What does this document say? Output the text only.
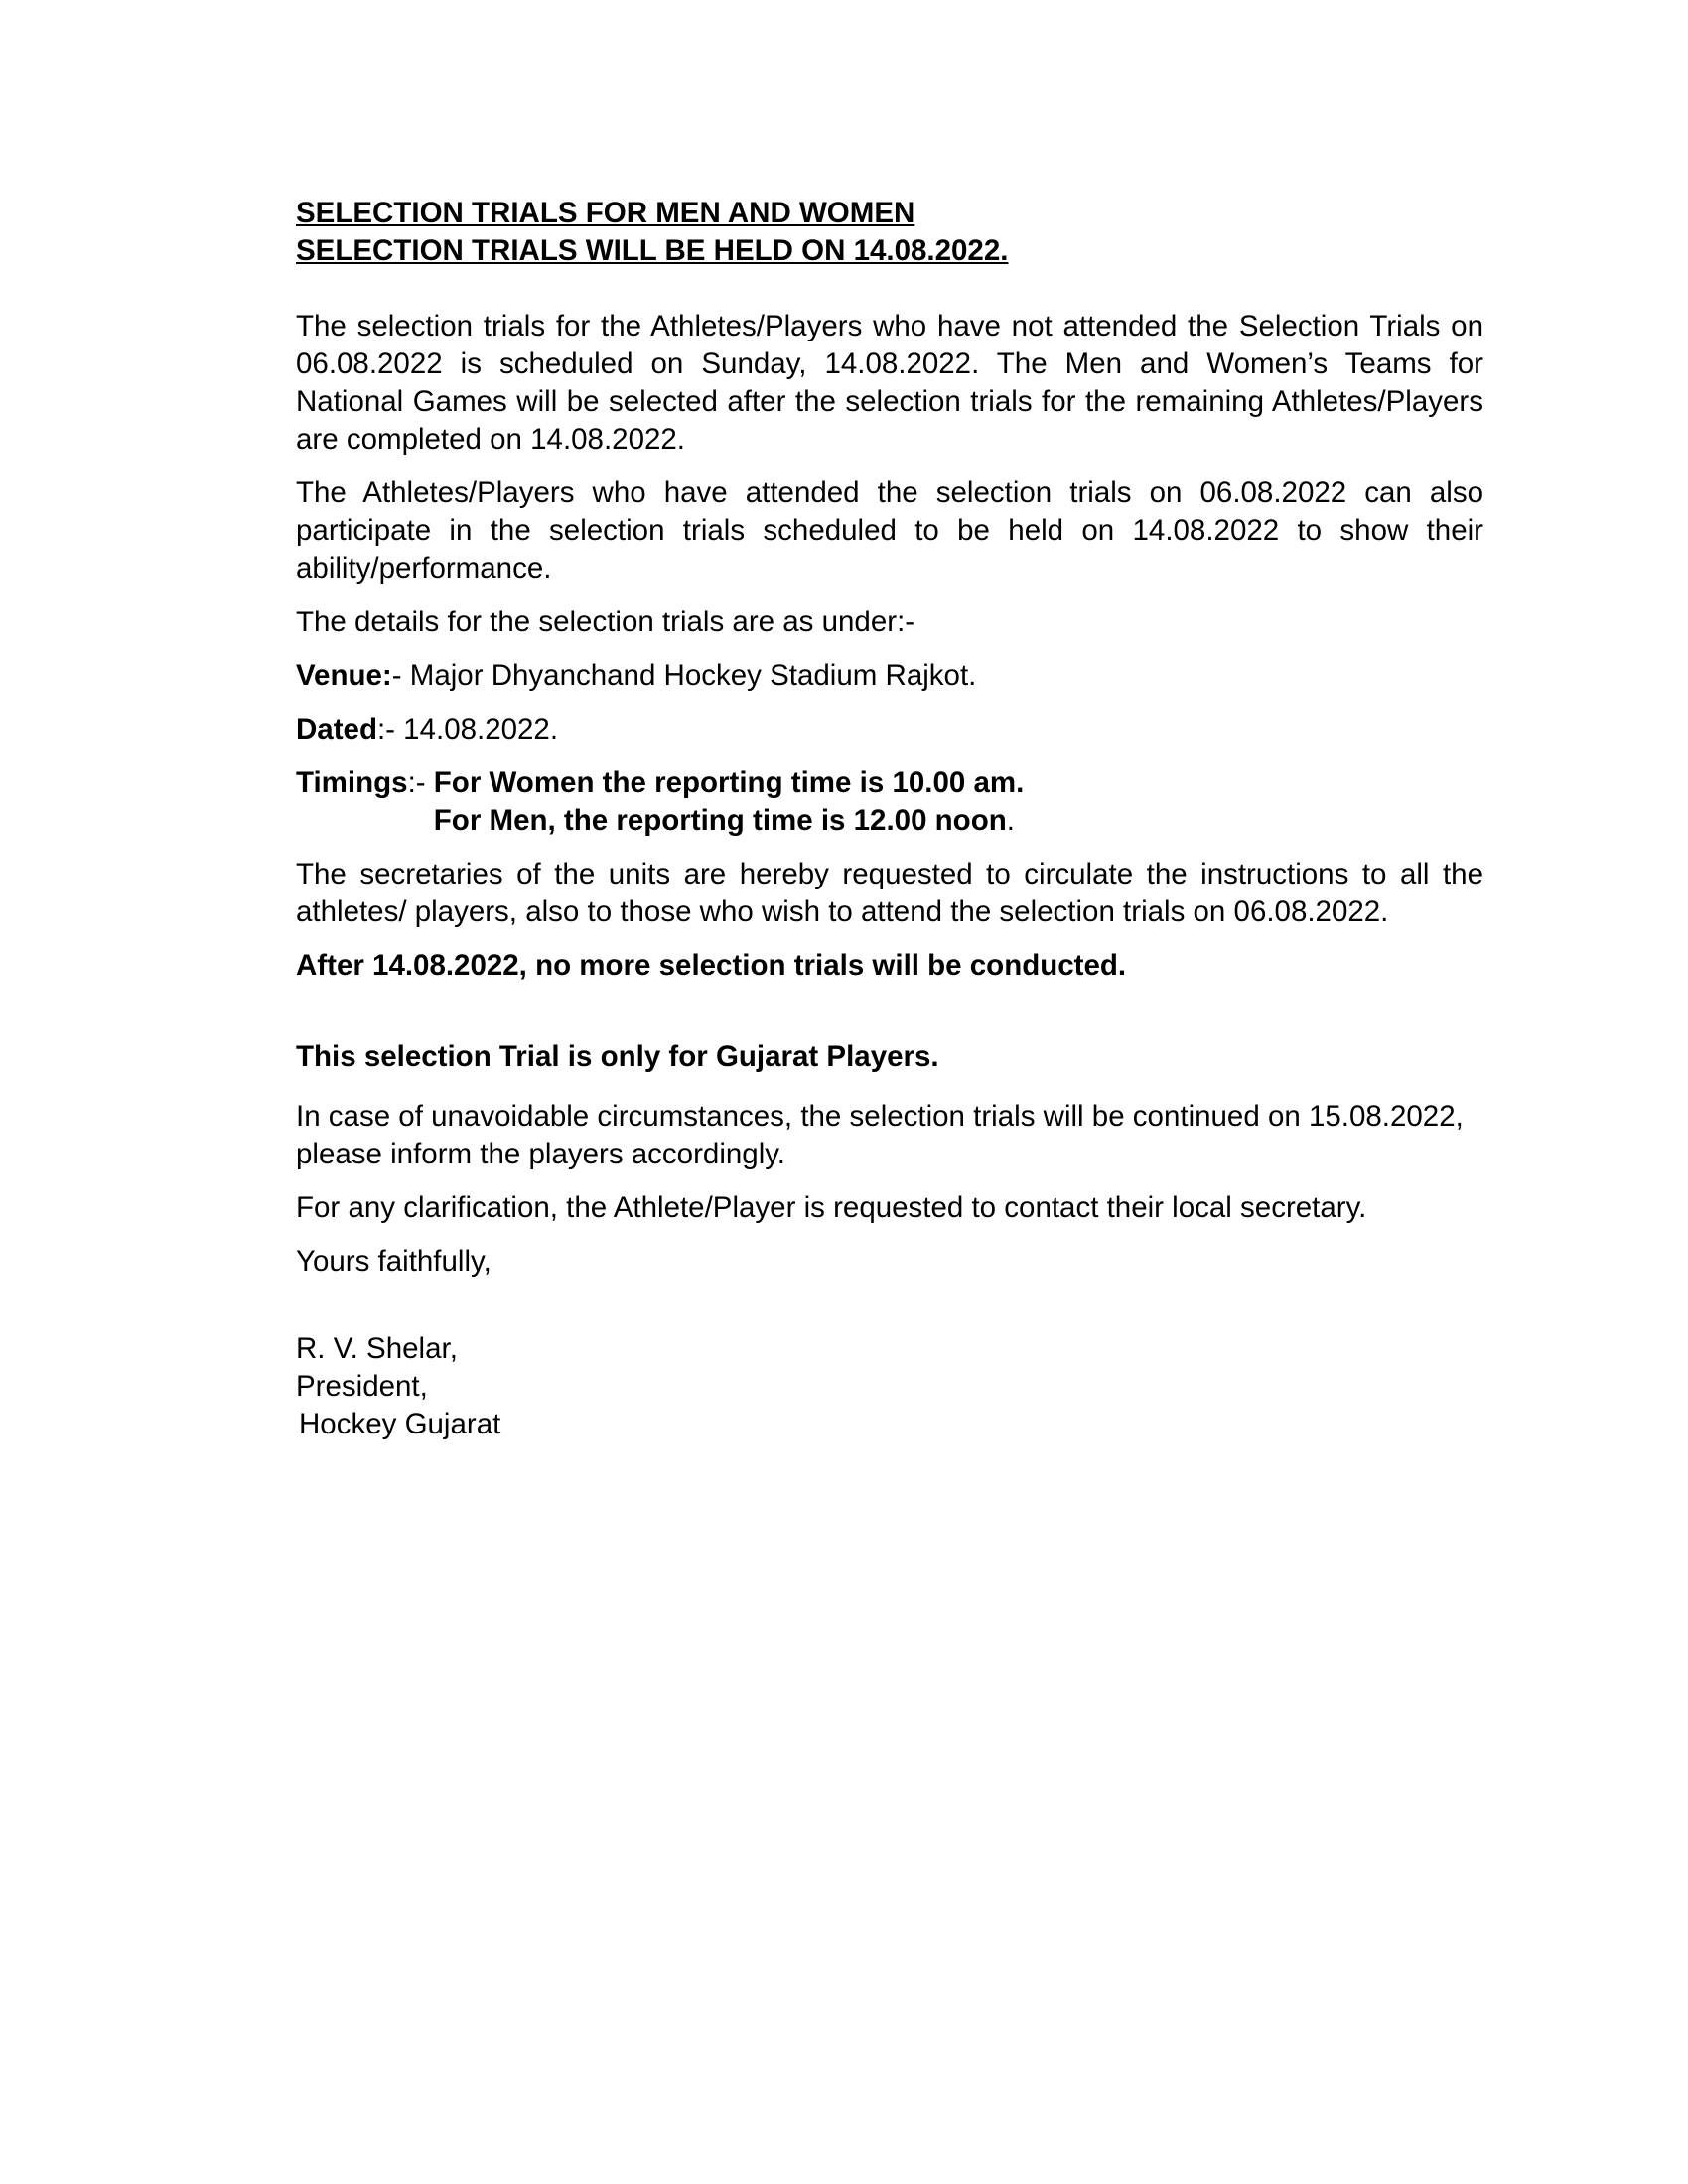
SELECTION TRIALS FOR MEN AND WOMEN
SELECTION TRIALS WILL BE HELD ON 14.08.2022.

The selection trials for the Athletes/Players who have not attended the Selection Trials on 06.08.2022 is scheduled on Sunday, 14.08.2022. The Men and Women’s Teams for National Games will be selected after the selection trials for the remaining Athletes/Players are completed on 14.08.2022.

The Athletes/Players who have attended the selection trials on 06.08.2022 can also participate in the selection trials scheduled to be held on 14.08.2022 to show their ability/performance.

The details for the selection trials are as under:-

Venue:- Major Dhyanchand Hockey Stadium Rajkot.

Dated:- 14.08.2022.

Timings:- For Women the reporting time is 10.00 am.
For Men, the reporting time is 12.00 noon.

The secretaries of the units are hereby requested to circulate the instructions to all the athletes/ players, also to those who wish to attend the selection trials on 06.08.2022.

After 14.08.2022, no more selection trials will be conducted.

This selection Trial is only for Gujarat Players.

In case of unavoidable circumstances, the selection trials will be continued on 15.08.2022, please inform the players accordingly.

For any clarification, the Athlete/Player is requested to contact their local secretary.

Yours faithfully,

R. V. Shelar,
President,
Hockey Gujarat
